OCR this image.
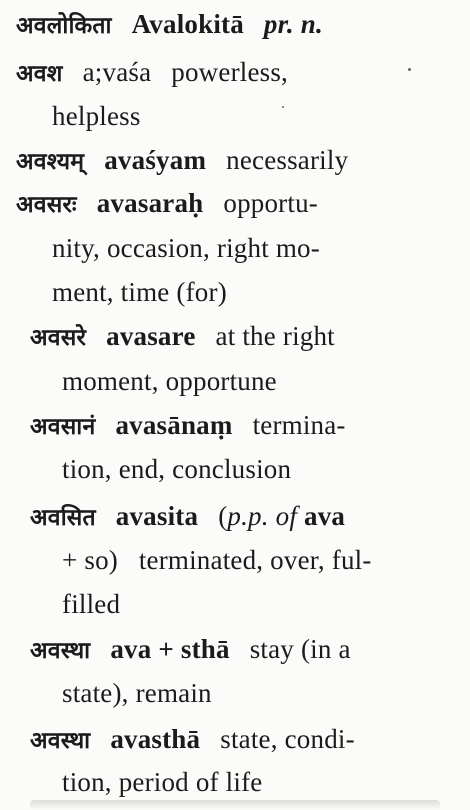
अवलोकिता Avalokitā pr. n.
अवश a;vaśa powerless,
helpless
अवश्यम् avaśyam necessarily
अवसरः avasaraḥ opportu-
nity, occasion, right mo-
ment, time (for)
अवसरे avasare at the right
moment, opportune
अवसानं avasānaṃ termina-
tion, end, conclusion
अवसित avasita (p.p. of ava
+ so)   terminated, over, ful-
filled
अवस्था ava + sthā stay (in a
state), remain
अवस्था avasthā state, condi-
tion, period of life
